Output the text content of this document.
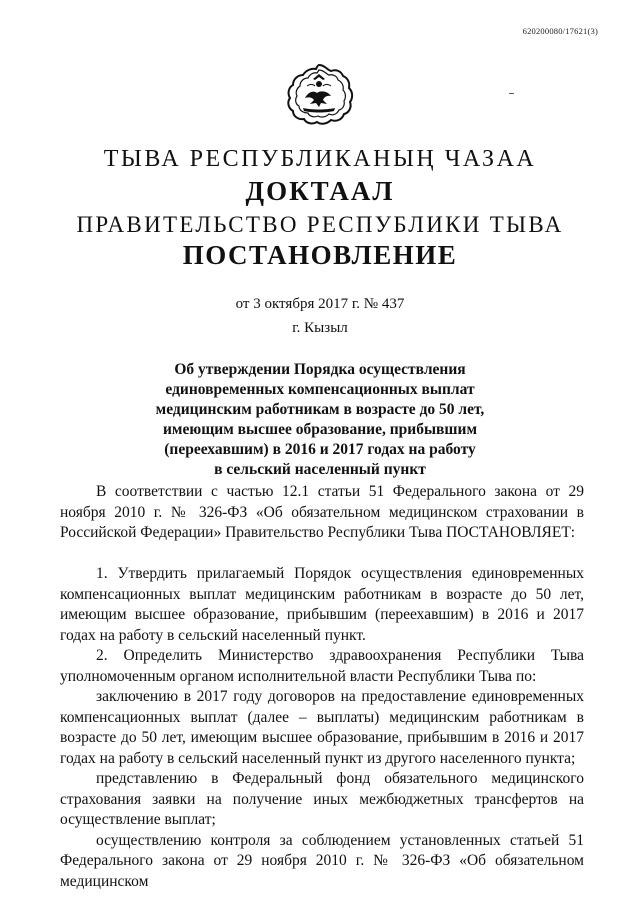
620200080/17621(3)
ТЫВА РЕСПУБЛИКАНЫҢ ЧАЗАА
ДОКТААЛ
ПРАВИТЕЛЬСТВО РЕСПУБЛИКИ ТЫВА
ПОСТАНОВЛЕНИЕ
от 3 октября 2017 г. № 437
г. Кызыл
Об утверждении Порядка осуществления
единовременных компенсационных выплат
медицинским работникам в возрасте до 50 лет,
имеющим высшее образование, прибывшим
(переехавшим) в 2016 и 2017 годах на работу
в сельский населенный пункт

В соответствии с частью 12.1 статьи 51 Федерального закона от 29 ноября 2010 г. № 326-ФЗ «Об обязательном медицинском страховании в Российской Федерации» Правительство Республики Тыва ПОСТАНОВЛЯЕТ:

1. Утвердить прилагаемый Порядок осуществления единовременных компенсационных выплат медицинским работникам в возрасте до 50 лет, имеющим высшее образование, прибывшим (переехавшим) в 2016 и 2017 годах на работу в сельский населенный пункт.

2. Определить Министерство здравоохранения Республики Тыва уполномоченным органом исполнительной власти Республики Тыва по:

заключению в 2017 году договоров на предоставление единовременных компенсационных выплат (далее – выплаты) медицинским работникам в возрасте до 50 лет, имеющим высшее образование, прибывшим в 2016 и 2017 годах на работу в сельский населенный пункт из другого населенного пункта;

представлению в Федеральный фонд обязательного медицинского страхования заявки на получение иных межбюджетных трансфертов на осуществление выплат;

осуществлению контроля за соблюдением установленных статьей 51 Федерального закона от 29 ноября 2010 г. № 326-ФЗ «Об обязательном медицинском
